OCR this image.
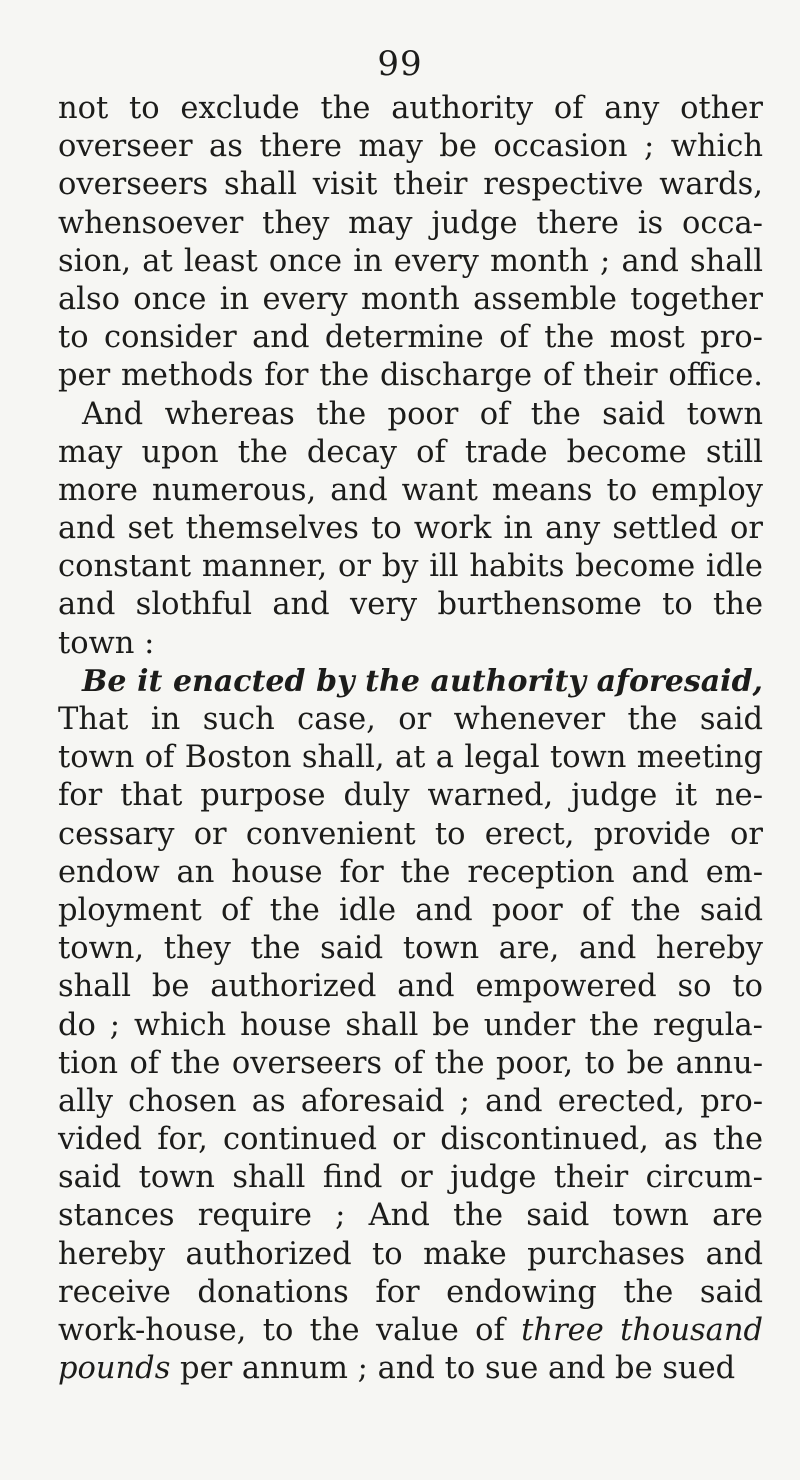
99
not to exclude the authority of any other
overseer as there may be occasion ; which
overseers shall visit their respective wards,
whensoever they may judge there is occa-
sion, at least once in every month ; and shall
also once in every month assemble together
to consider and determine of the most pro-
per methods for the discharge of their office.
And whereas the poor of the said town
may upon the decay of trade become still
more numerous, and want means to employ
and set themselves to work in any settled or
constant manner, or by ill habits become idle
and slothful and very burthensome to the
town :
Be it enacted by the authority aforesaid,
That in such case, or whenever the said
town of Boston shall, at a legal town meeting
for that purpose duly warned, judge it ne-
cessary or convenient to erect, provide or
endow an house for the reception and em-
ployment of the idle and poor of the said
town, they the said town are, and hereby
shall be authorized and empowered so to
do ; which house shall be under the regula-
tion of the overseers of the poor, to be annu-
ally chosen as aforesaid ; and erected, pro-
vided for, continued or discontinued, as the
said town shall find or judge their circum-
stances require ; And the said town are
hereby authorized to make purchases and
receive donations for endowing the said
work-house, to the value of three thousand
pounds per annum ; and to sue and be sued
